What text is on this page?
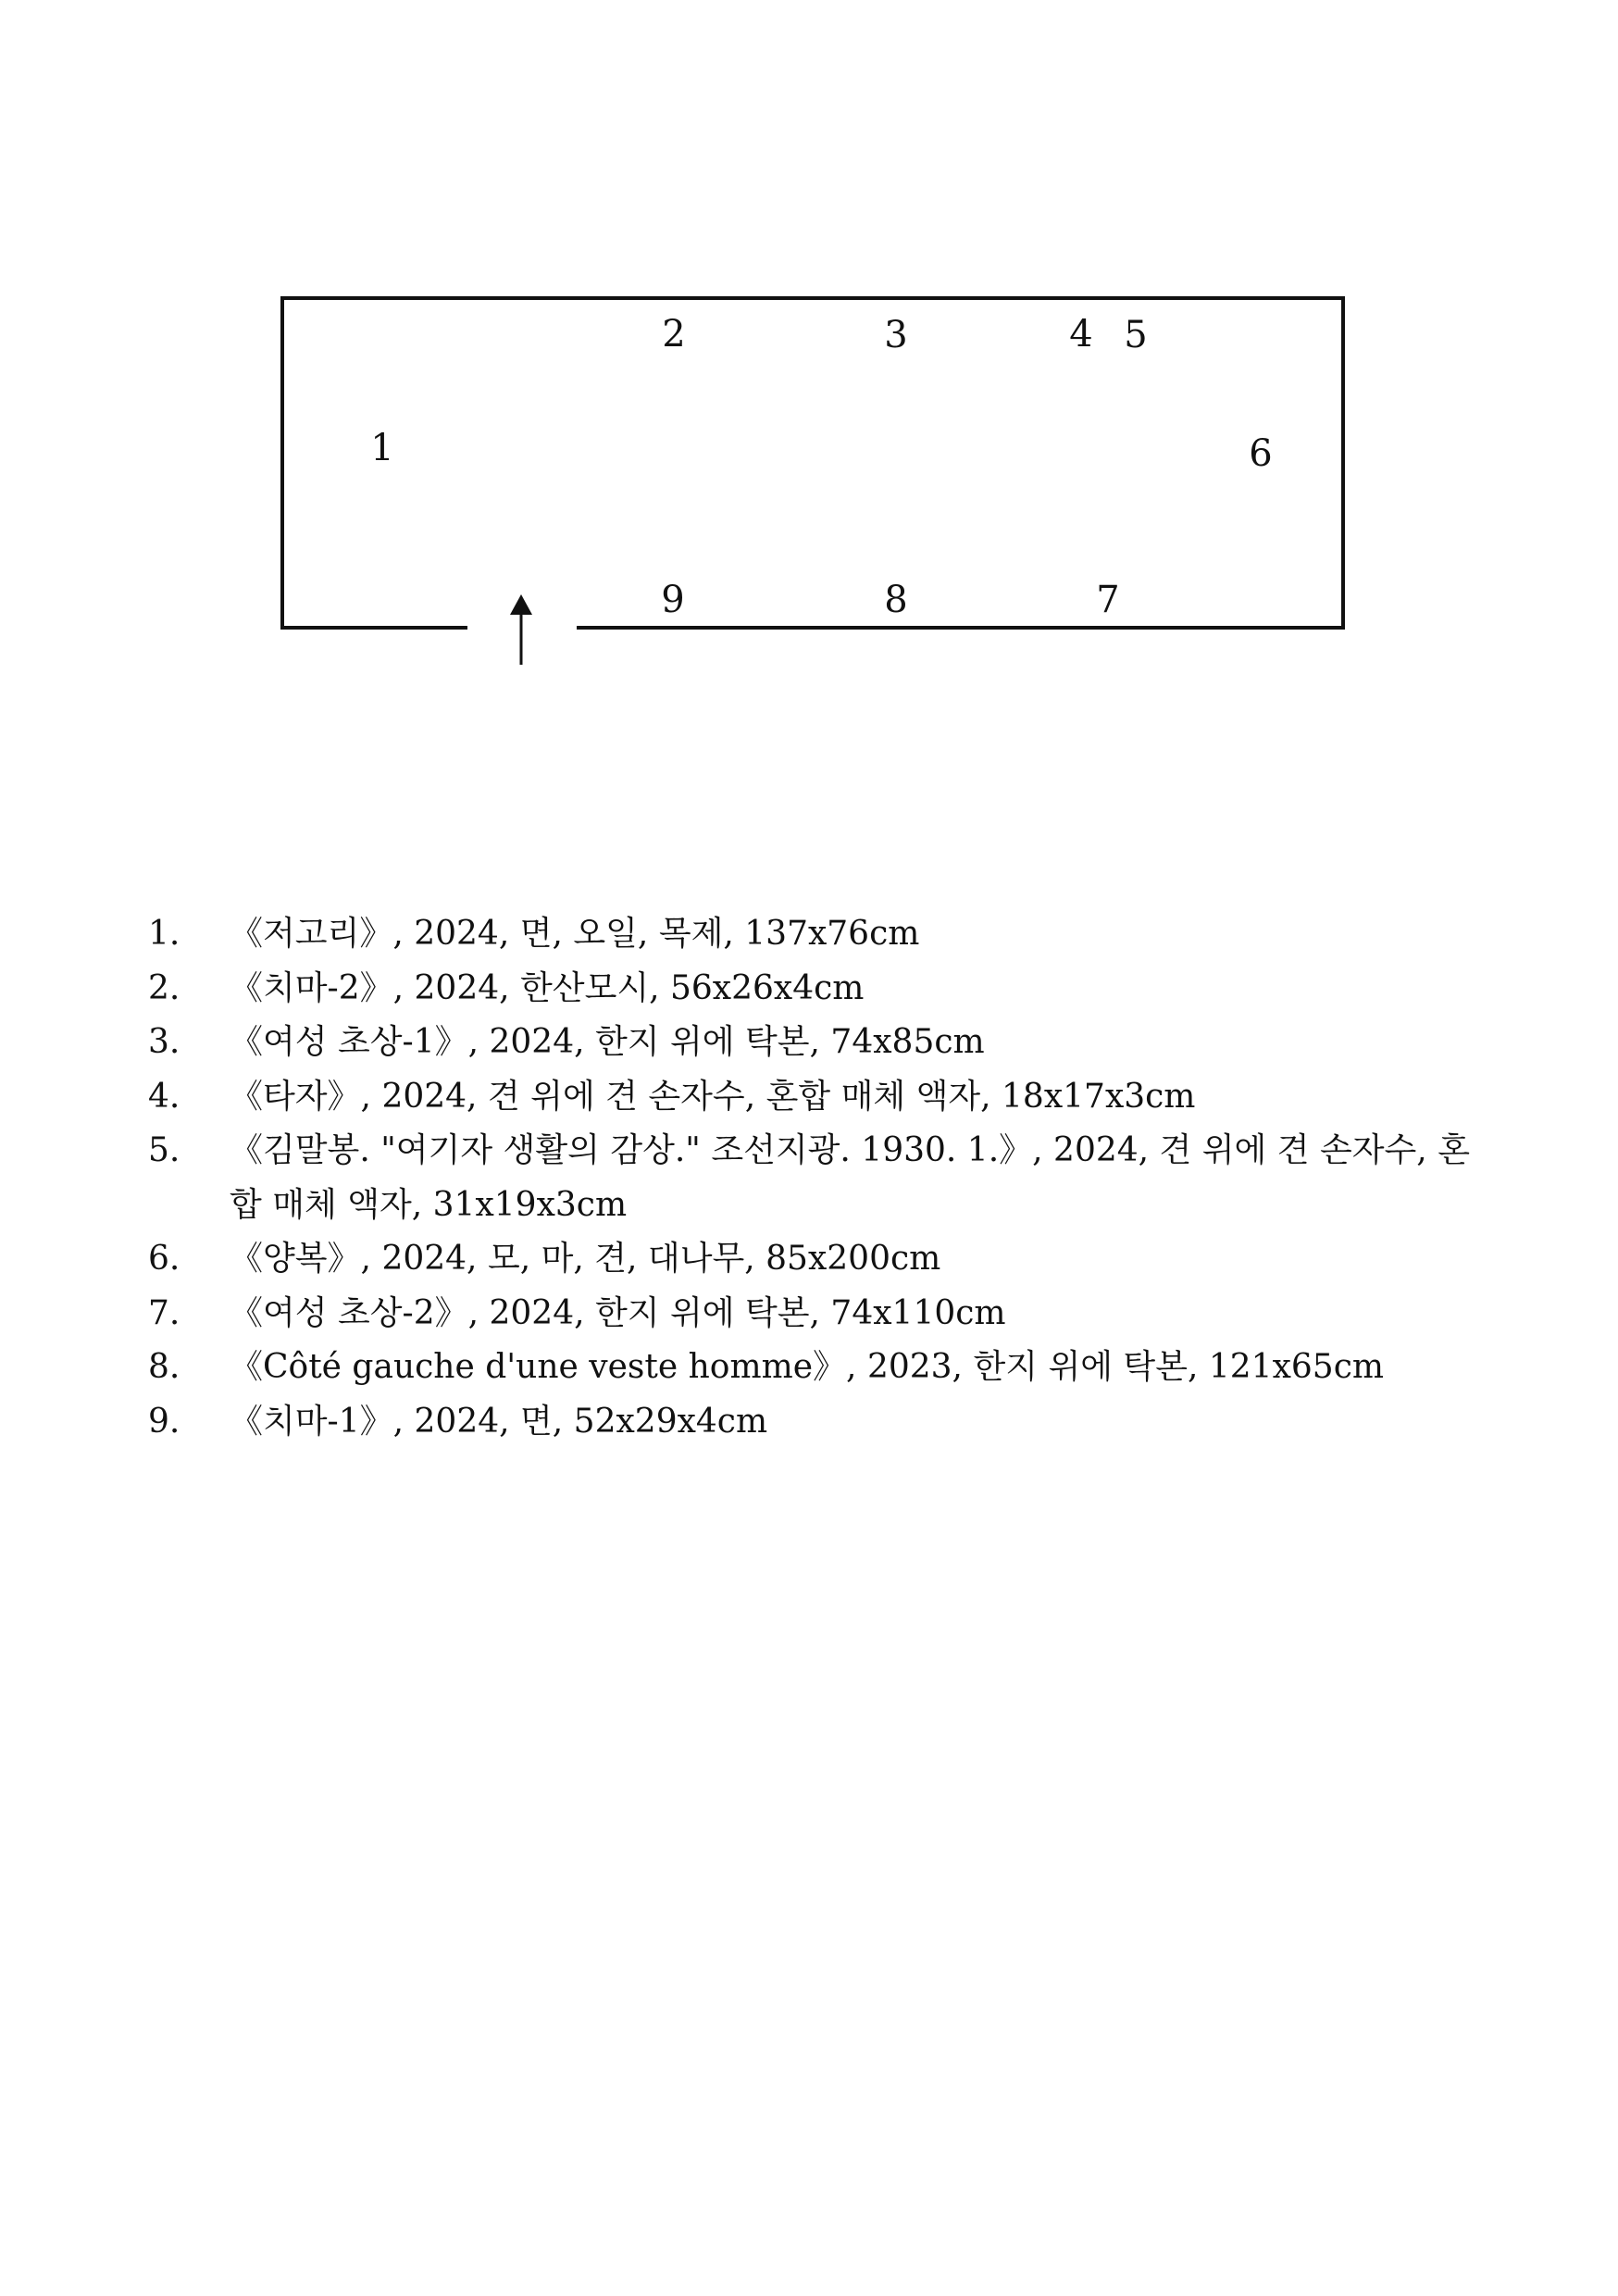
1
2	3	4 5
6
7
8
9
1. 《저고리》, 2024, 면, 오일, 목제, 137x76cm
2. 《치마-2》, 2024, 한산모시, 56x26x4cm
3. 《여성 초상-1》, 2024, 한지 위에 탁본, 74x85cm
4. 《타자》, 2024, 견 위에 견 손자수, 혼합 매체 액자, 18x17x3cm
5. 《김말봉. "여기자 생활의 감상." 조선지광. 1930. 1.》, 2024, 견 위에 견 손자수, 혼합 매체 액자, 31x19x3cm
6. 《양복》, 2024, 모, 마, 견, 대나무, 85x200cm
7. 《여성 초상-2》, 2024, 한지 위에 탁본, 74x110cm
8. 《Côté gauche d'une veste homme》, 2023, 한지 위에 탁본, 121x65cm
9. 《치마-1》, 2024, 면, 52x29x4cm
